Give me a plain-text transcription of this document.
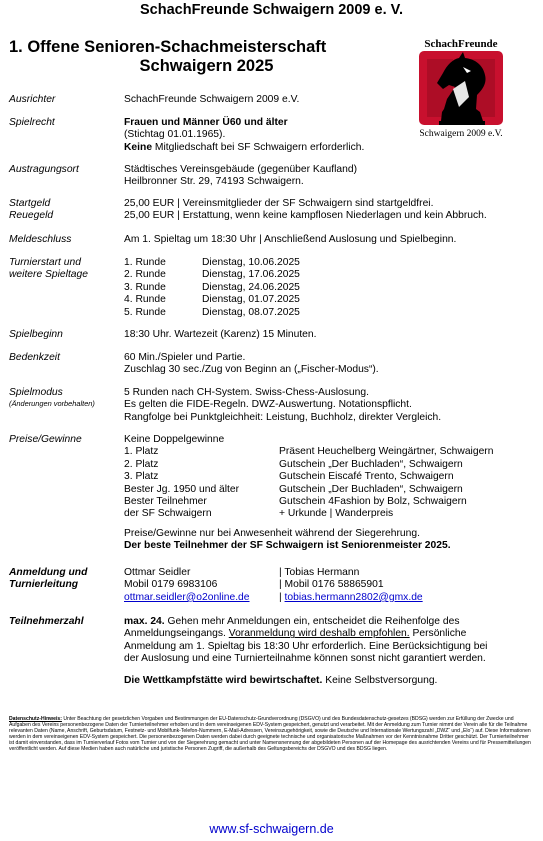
SchachFreunde Schwaigern 2009 e. V.
1. Offene Senioren-Schachmeisterschaft
Schwaigern 2025
SchachFreunde
Schwaigern 2009 e.V.
Ausrichter	SchachFreunde Schwaigern 2009 e.V.
Spielrecht	Frauen und Männer Ü60 und älter
(Stichtag 01.01.1965).
Keine Mitgliedschaft bei SF Schwaigern erforderlich.
Austragungsort	Städtisches Vereinsgebäude (gegenüber Kaufland)
Heilbronner Str. 29, 74193 Schwaigern.
Startgeld	25,00 EUR | Vereinsmitglieder der SF Schwaigern sind startgeldfrei.
Reuegeld	25,00 EUR | Erstattung, wenn keine kampflosen Niederlagen und kein Abbruch.
Meldeschluss	Am 1. Spieltag um 18:30 Uhr | Anschließend Auslosung und Spielbeginn.
Turnierstart und
weitere Spieltage
1. Runde	Dienstag, 10.06.2025
2. Runde	Dienstag, 17.06.2025
3. Runde	Dienstag, 24.06.2025
4. Runde	Dienstag, 01.07.2025
5. Runde	Dienstag, 08.07.2025
Spielbeginn	18:30 Uhr. Wartezeit (Karenz) 15 Minuten.
Bedenkzeit	60 Min./Spieler und Partie.
Zuschlag 30 sec./Zug von Beginn an („Fischer-Modus“).
Spielmodus
(Änderungen vorbehalten)
5 Runden nach CH-System. Swiss-Chess-Auslosung.
Es gelten die FIDE-Regeln. DWZ-Auswertung. Notationspflicht.
Rangfolge bei Punktgleichheit: Leistung, Buchholz, direkter Vergleich.
Preise/Gewinne	Keine Doppelgewinne
1. Platz	Präsent Heuchelberg Weingärtner, Schwaigern
2. Platz	Gutschein „Der Buchladen“, Schwaigern
3. Platz	Gutschein Eiscafé Trento, Schwaigern
Bester Jg. 1950 und älter	Gutschein „Der Buchladen“, Schwaigern
Bester Teilnehmer	Gutschein 4Fashion by Bolz, Schwaigern
der SF Schwaigern	+ Urkunde | Wanderpreis
Preise/Gewinne nur bei Anwesenheit während der Siegerehrung.
Der beste Teilnehmer der SF Schwaigern ist Seniorenmeister 2025.
Anmeldung und
Turnierleitung
Ottmar Seidler	| Tobias Hermann
Mobil 0179 6983106	| Mobil 0176 58865901
ottmar.seidler@o2online.de	| tobias.hermann2802@gmx.de
Teilnehmerzahl	max. 24. Gehen mehr Anmeldungen ein, entscheidet die Reihenfolge des
Anmeldungseingangs. Voranmeldung wird deshalb empfohlen. Persönliche
Anmeldung am 1. Spieltag bis 18:30 Uhr erforderlich. Eine Berücksichtigung bei
der Auslosung und eine Turnierteilnahme können sonst nicht garantiert werden.
Die Wettkampfstätte wird bewirtschaftet. Keine Selbstversorgung.
Datenschutz-Hinweis: Unter Beachtung der gesetzlichen Vorgaben und Bestimmungen der EU-Datenschutz-Grundverordnung (DSGVO) und des Bundesdatenschutz-gesetzes (BDSG) werden zur Erfüllung der Zwecke und Aufgaben des Vereins personenbezogene Daten der Turnierteilnehmer erhoben und in dem vereinseigenen EDV-System gespeichert, genutzt und verarbeitet. Mit der Anmeldung zum Turnier nimmt der Verein alle für die Teilnahme relevanten Daten (Name, Anschrift, Geburtsdatum, Festnetz- und Mobilfunk-Telefon-Nummern, E-Mail-Adressen, Vereinszugehörigkeit, sowie die Deutsche und Internationale Wertungszahl „DWZ“ und „Elo“) auf. Diese Informationen werden in dem vereinseigenen EDV-System gespeichert. Die personenbezogenen Daten werden dabei durch geeignete technische und organisatorische Maßnahmen vor der Kenntnisnahme Dritter geschützt. Der Turnierteilnehmer ist damit einverstanden, dass im Turnierverlauf Fotos vom Turnier und von der Siegerehrung gemacht und unter Namensnennung der abgebildeten Personen auf der Homepage des ausrichtenden Vereins und für Pressemitteilungen veröffentlicht werden. Auf diese Medien haben auch natürliche und juristische Personen Zugriff, die außerhalb des Geltungsbereichs der DSGVO und des BDSG liegen.
www.sf-schwaigern.de
